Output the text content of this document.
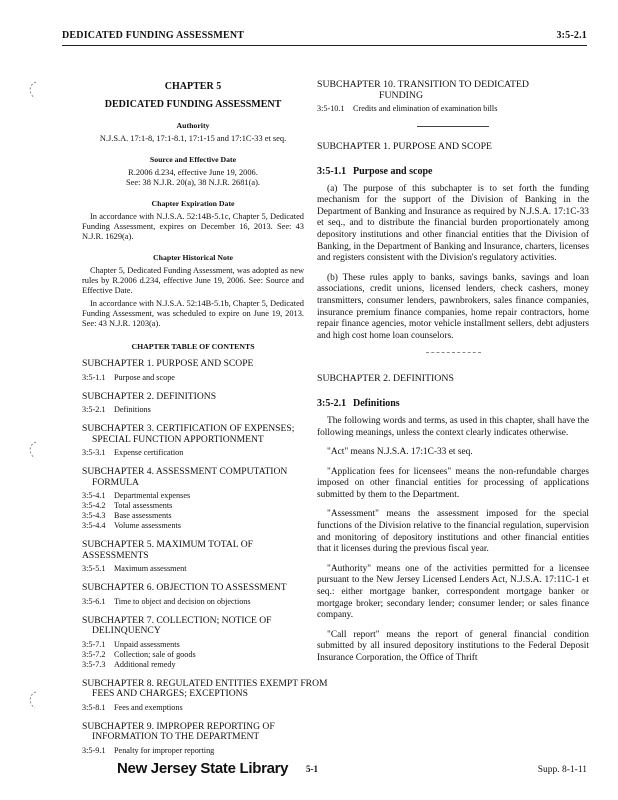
DEDICATED FUNDING ASSESSMENT	3:5-2.1
CHAPTER 5
DEDICATED FUNDING ASSESSMENT
Authority
N.J.S.A. 17:1-8, 17:1-8.1, 17:1-15 and 17:1C-33 et seq.
Source and Effective Date
R.2006 d.234, effective June 19, 2006.
See: 38 N.J.R. 20(a), 38 N.J.R. 2681(a).
Chapter Expiration Date
In accordance with N.J.S.A. 52:14B-5.1c, Chapter 5, Dedicated Funding Assessment, expires on December 16, 2013. See: 43 N.J.R. 1629(a).
Chapter Historical Note
Chapter 5, Dedicated Funding Assessment, was adopted as new rules by R.2006 d.234, effective June 19, 2006. See: Source and Effective Date.
In accordance with N.J.S.A. 52:14B-5.1b, Chapter 5, Dedicated Funding Assessment, was scheduled to expire on June 19, 2013. See: 43 N.J.R. 1203(a).
CHAPTER TABLE OF CONTENTS
SUBCHAPTER 1. PURPOSE AND SCOPE
3:5-1.1	Purpose and scope
SUBCHAPTER 2. DEFINITIONS
3:5-2.1	Definitions
SUBCHAPTER 3. CERTIFICATION OF EXPENSES;
SPECIAL FUNCTION APPORTIONMENT
3:5-3.1	Expense certification
SUBCHAPTER 4. ASSESSMENT COMPUTATION
FORMULA
3:5-4.1	Departmental expenses
3:5-4.2	Total assessments
3:5-4.3	Base assessments
3:5-4.4	Volume assessments
SUBCHAPTER 5. MAXIMUM TOTAL OF ASSESSMENTS
3:5-5.1	Maximum assessment
SUBCHAPTER 6. OBJECTION TO ASSESSMENT
3:5-6.1	Time to object and decision on objections
SUBCHAPTER 7. COLLECTION; NOTICE OF
DELINQUENCY
3:5-7.1	Unpaid assessments
3:5-7.2	Collection; sale of goods
3:5-7.3	Additional remedy
SUBCHAPTER 8. REGULATED ENTITIES EXEMPT FROM
FEES AND CHARGES; EXCEPTIONS
3:5-8.1	Fees and exemptions
SUBCHAPTER 9. IMPROPER REPORTING OF
INFORMATION TO THE DEPARTMENT
3:5-9.1	Penalty for improper reporting
SUBCHAPTER 10. TRANSITION TO DEDICATED
FUNDING
3:5-10.1	Credits and elimination of examination bills
SUBCHAPTER 1. PURPOSE AND SCOPE
3:5-1.1 Purpose and scope
(a) The purpose of this subchapter is to set forth the funding mechanism for the support of the Division of Banking in the Department of Banking and Insurance as required by N.J.S.A. 17:1C-33 et seq., and to distribute the financial burden proportionately among depository institutions and other financial entities that the Division of Banking, in the Department of Banking and Insurance, charters, licenses and registers consistent with the Division's regulatory activities.
(b) These rules apply to banks, savings banks, savings and loan associations, credit unions, licensed lenders, check cashers, money transmitters, consumer lenders, pawnbrokers, sales finance companies, insurance premium finance companies, home repair contractors, home repair finance agencies, motor vehicle installment sellers, debt adjusters and high cost home loan counselors.
SUBCHAPTER 2. DEFINITIONS
3:5-2.1 Definitions
The following words and terms, as used in this chapter, shall have the following meanings, unless the context clearly indicates otherwise.
"Act" means N.J.S.A. 17:1C-33 et seq.
"Application fees for licensees" means the non-refundable charges imposed on other financial entities for processing of applications submitted by them to the Department.
"Assessment" means the assessment imposed for the special functions of the Division relative to the financial regulation, supervision and monitoring of depository institutions and other financial entities that it licenses during the previous fiscal year.
"Authority" means one of the activities permitted for a licensee pursuant to the New Jersey Licensed Lenders Act, N.J.S.A. 17:11C-1 et seq.: either mortgage banker, correspondent mortgage banker or mortgage broker; secondary lender; consumer lender; or sales finance company.
"Call report" means the report of general financial condition submitted by all insured depository institutions to the Federal Deposit Insurance Corporation, the Office of Thrift
New Jersey State Library 5-1	Supp. 8-1-11
